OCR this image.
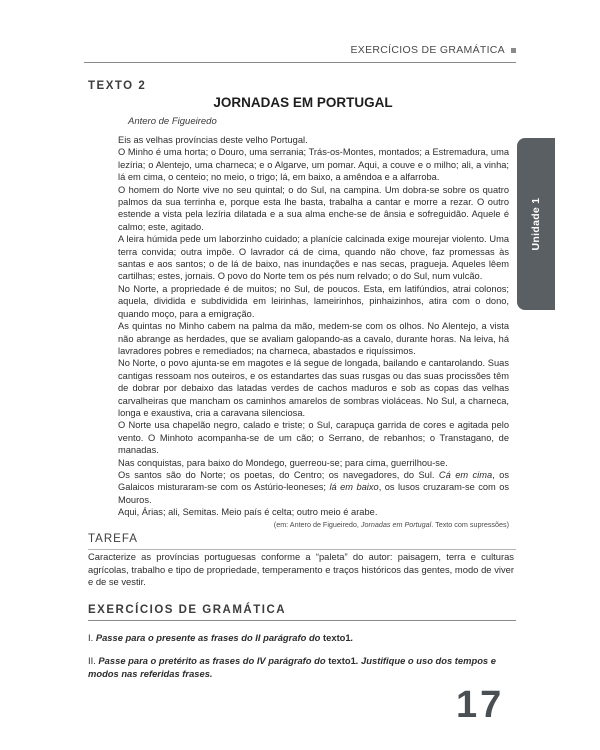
EXERCÍCIOS DE GRAMÁTICA
Unidade 1
TEXTO 2
JORNADAS EM PORTUGAL
Antero de Figueiredo

Eis as velhas províncias deste velho Portugal.

O Minho é uma horta; o Douro, uma serrania; Trás-os-Montes, montados; a Estremadura, uma lezíria; o Alentejo, uma charneca; e o Algarve, um pomar. Aqui, a couve e o milho; ali, a vinha; lá em cima, o centeio; no meio, o trigo; lá, em baixo, a amêndoa e a alfarroba.

O homem do Norte vive no seu quintal; o do Sul, na campina. Um dobra-se sobre os quatro palmos da sua terrinha e, porque esta lhe basta, trabalha a cantar e morre a rezar. O outro estende a vista pela lezíria dilatada e a sua alma enche-se de ânsia e sofreguidão. Aquele é calmo; este, agitado.

A leira húmida pede um laborzinho cuidado; a planície calcinada exige mourejar violento. Uma terra convida; outra impõe. O lavrador cá de cima, quando não chove, faz promessas às santas e aos santos; o de lá de baixo, nas inundações e nas secas, pragueja. Aqueles lêem cartilhas; estes, jornais. O povo do Norte tem os pés num relvado; o do Sul, num vulcão.

No Norte, a propriedade é de muitos; no Sul, de poucos. Esta, em latifúndios, atrai colonos; aquela, dividida e subdividida em leirinhas, lameirinhos, pinhaizinhos, atira com o dono, quando moço, para a emigração.

As quintas no Minho cabem na palma da mão, medem-se com os olhos. No Alentejo, a vista não abrange as herdades, que se avaliam galopando-as a cavalo, durante horas. Na leiva, há lavradores pobres e remediados; na charneca, abastados e riquíssimos.

No Norte, o povo ajunta-se em magotes e lá segue de longada, bailando e cantarolando. Suas cantigas ressoam nos outeiros, e os estandartes das suas rusgas ou das suas procissões têm de dobrar por debaixo das latadas verdes de cachos maduros e sob as copas das velhas carvalheiras que mancham os caminhos amarelos de sombras violáceas. No Sul, a charneca, longa e exaustiva, cria a caravana silenciosa.

O Norte usa chapelão negro, calado e triste; o Sul, carapuça garrida de cores e agitada pelo vento. O Minhoto acompanha-se de um cão; o Serrano, de rebanhos; o Transtagano, de manadas.

Nas conquistas, para baixo do Mondego, guerreou-se; para cima, guerrilhou-se.

Os santos são do Norte; os poetas, do Centro; os navegadores, do Sul. Cá em cima, os Galaicos misturaram-se com os Astúrio-leoneses; lá em baixo, os lusos cruzaram-se com os Mouros.

Aqui, Árias; ali, Semitas. Meio país é celta; outro meio é arabe.

(em: Antero de Figueiredo, Jornadas em Portugal. Texto com supressões)
TAREFA
Caracterize as províncias portuguesas conforme a “paleta” do autor: paisagem, terra e culturas agrícolas, trabalho e tipo de propriedade, temperamento e traços históricos das gentes, modo de viver e de se vestir.
EXERCÍCIOS DE GRAMÁTICA
I. Passe para o presente as frases do II parágrafo do texto1.
II. Passe para o pretérito as frases do IV parágrafo do texto1. Justifique o uso dos tempos e modos nas referidas frases.
17
